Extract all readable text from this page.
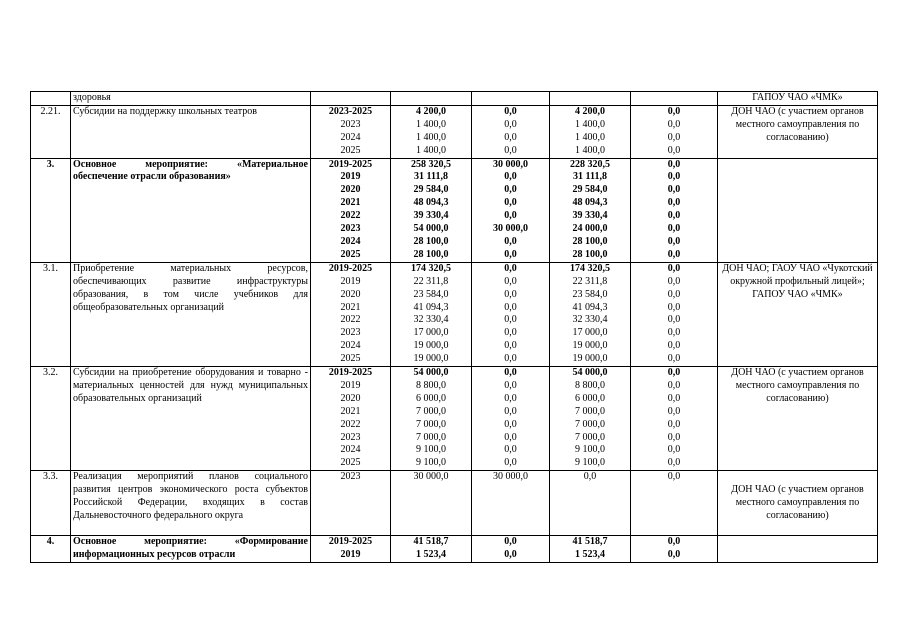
	здоровья						ГАПОУ ЧАО «ЧМК»
2.21.	Субсидии на поддержку школьных театров	2023-2025	4 200,0	0,0	4 200,0	0,0	ДОН ЧАО (с участием органов местного самоуправления по согласованию)
		2023	1 400,0	0,0	1 400,0	0,0	
		2024	1 400,0	0,0	1 400,0	0,0	
		2025	1 400,0	0,0	1 400,0	0,0	
3.	Основное мероприятие: «Материальное обеспечение отрасли образования»	2019-2025	258 320,5	30 000,0	228 320,5	0,0	
		2019	31 111,8	0,0	31 111,8	0,0	
		2020	29 584,0	0,0	29 584,0	0,0	
		2021	48 094,3	0,0	48 094,3	0,0	
		2022	39 330,4	0,0	39 330,4	0,0	
		2023	54 000,0	30 000,0	24 000,0	0,0	
		2024	28 100,0	0,0	28 100,0	0,0	
		2025	28 100,0	0,0	28 100,0	0,0	
3.1.	Приобретение материальных ресурсов, обеспечивающих развитие инфраструктуры образования, в том числе учебников для общеобразовательных организаций	2019-2025	174 320,5	0,0	174 320,5	0,0	ДОН ЧАО; ГАОУ ЧАО «Чукотский окружной профильный лицей»; ГАПОУ ЧАО «ЧМК»
		2019	22 311,8	0,0	22 311,8	0,0	
		2020	23 584,0	0,0	23 584,0	0,0	
		2021	41 094,3	0,0	41 094,3	0,0	
		2022	32 330,4	0,0	32 330,4	0,0	
		2023	17 000,0	0,0	17 000,0	0,0	
		2024	19 000,0	0,0	19 000,0	0,0	
		2025	19 000,0	0,0	19 000,0	0,0	
3.2.	Субсидии на приобретение оборудования и товарно - материальных ценностей для нужд муниципальных образовательных организаций	2019-2025	54 000,0	0,0	54 000,0	0,0	ДОН ЧАО (с участием органов местного самоуправления по согласованию)
		2019	8 800,0	0,0	8 800,0	0,0	
		2020	6 000,0	0,0	6 000,0	0,0	
		2021	7 000,0	0,0	7 000,0	0,0	
		2022	7 000,0	0,0	7 000,0	0,0	
		2023	7 000,0	0,0	7 000,0	0,0	
		2024	9 100,0	0,0	9 100,0	0,0	
		2025	9 100,0	0,0	9 100,0	0,0	
3.3.	Реализация мероприятий планов социального развития центров экономического роста субъектов Российской Федерации, входящих в состав Дальневосточного федерального округа	2023	30 000,0	30 000,0	0,0	0,0	ДОН ЧАО (с участием органов местного самоуправления по согласованию)
4.	Основное мероприятие: «Формирование информационных ресурсов отрасли	2019-2025	41 518,7	0,0	41 518,7	0,0	
		2019	1 523,4	0,0	1 523,4	0,0	
